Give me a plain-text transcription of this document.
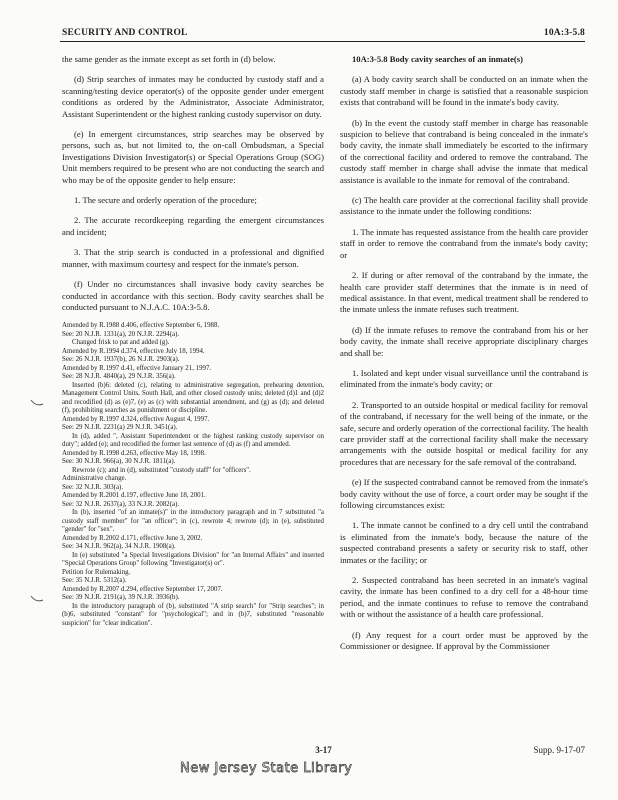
SECURITY AND CONTROL	10A:3-5.8

the same gender as the inmate except as set forth in (d) below.

(d) Strip searches of inmates may be conducted by custody staff and a scanning/testing device operator(s) of the opposite gender under emergent conditions as ordered by the Administrator, Associate Administrator, Assistant Superintendent or the highest ranking custody supervisor on duty.

(e) In emergent circumstances, strip searches may be observed by persons, such as, but not limited to, the on-call Ombudsman, a Special Investigations Division Investigator(s) or Special Operations Group (SOG) Unit members required to be present who are not conducting the search and who may be of the opposite gender to help ensure:

1. The secure and orderly operation of the procedure;

2. The accurate recordkeeping regarding the emergent circumstances and incident;

3. That the strip search is conducted in a professional and dignified manner, with maximum courtesy and respect for the inmate's person.

(f) Under no circumstances shall invasive body cavity searches be conducted in accordance with this section. Body cavity searches shall be conducted pursuant to N.J.A.C. 10A:3-5.8.

Amended by R.1988 d.406, effective September 6, 1988.
See: 20 N.J.R. 1331(a), 20 N.J.R. 2294(a).
Changed frisk to pat and added (g).
Amended by R.1994 d.374, effective July 18, 1994.
See: 26 N.J.R. 1937(b), 26 N.J.R. 2903(a).
Amended by R.1997 d.41, effective January 21, 1997.
See: 28 N.J.R. 4840(a), 29 N.J.R. 356(a).
Inserted (b)6: deleted (c), relating to administrative segregation, prehearing detention, Management Control Units, South Hall, and other closed custody units; deleted (d)1 and (d)2 and recodified (d) as (e)7, (e) as (c) with substantial amendment, and (g) as (d); and deleted (f), prohibiting searches as punishment or discipline.
Amended by R.1997 d.324, effective August 4, 1997.
See: 29 N.J.R. 2231(a) 29 N.J.R. 3451(a).
In (d), added ", Assistant Superintendent or the highest ranking custody supervisor on duty"; added (e); and recodified the former last sentence of (d) as (f) and amended.
Amended by R.1998 d.263, effective May 18, 1998.
See: 30 N.J.R. 966(a), 30 N.J.R. 1811(a).
Rewrote (c); and in (d), substituted "custody staff" for "officers".
Administrative change.
See: 32 N.J.R. 303(a).
Amended by R.2001 d.197, effective June 18, 2001.
See: 32 N.J.R. 2637(a), 33 N.J.R. 2082(a).
In (b), inserted "of an inmate(s)" in the introductory paragraph and in 7 substituted "a custody staff member" for "an officer"; in (c), rewrote 4; rewrote (d); in (e), substituted "gender" for "sex".
Amended by R.2002 d.171, effective June 3, 2002.
See: 34 N.J.R. 962(a), 34 N.J.R. 1908(a).
In (e) substituted "a Special Investigations Division" for "an Internal Affairs" and inserted "Special Operations Group" following "Investigator(s) or".
Petition for Rulemaking.
See: 35 N.J.R. 5312(a).
Amended by R.2007 d.294, effective September 17, 2007.
See: 39 N.J.R. 2191(a), 39 N.J.R. 3936(b).
In the introductory paragraph of (b), substituted "A strip search" for "Strip searches"; in (b)6, substituted "constant" for "psychological"; and in (b)7, substituted "reasonable suspicion" for "clear indication".

10A:3-5.8 Body cavity searches of an inmate(s)

(a) A body cavity search shall be conducted on an inmate when the custody staff member in charge is satisfied that a reasonable suspicion exists that contraband will be found in the inmate's body cavity.

(b) In the event the custody staff member in charge has reasonable suspicion to believe that contraband is being concealed in the inmate's body cavity, the inmate shall immediately be escorted to the infirmary of the correctional facility and ordered to remove the contraband. The custody staff member in charge shall advise the inmate that medical assistance is available to the inmate for removal of the contraband.

(c) The health care provider at the correctional facility shall provide assistance to the inmate under the following conditions:

1. The inmate has requested assistance from the health care provider staff in order to remove the contraband from the inmate's body cavity; or

2. If during or after removal of the contraband by the inmate, the health care provider staff determines that the inmate is in need of medical assistance. In that event, medical treatment shall be rendered to the inmate unless the inmate refuses such treatment.

(d) If the inmate refuses to remove the contraband from his or her body cavity, the inmate shall receive appropriate disciplinary charges and shall be:

1. Isolated and kept under visual surveillance until the contraband is eliminated from the inmate's body cavity; or

2. Transported to an outside hospital or medical facility for removal of the contraband, if necessary for the well being of the inmate, or the safe, secure and orderly operation of the correctional facility. The health care provider staff at the correctional facility shall make the necessary arrangements with the outside hospital or medical facility for any procedures that are necessary for the safe removal of the contraband.

(e) If the suspected contraband cannot be removed from the inmate's body cavity without the use of force, a court order may be sought if the following circumstances exist:

1. The inmate cannot be confined to a dry cell until the contraband is eliminated from the inmate's body, because the nature of the suspected contraband presents a safety or security risk to staff, other inmates or the facility; or

2. Suspected contraband has been secreted in an inmate's vaginal cavity, the inmate has been confined to a dry cell for a 48-hour time period, and the inmate continues to refuse to remove the contraband with or without the assistance of a health care professional.

(f) Any request for a court order must be approved by the Commissioner or designee. If approval by the Commissioner

3-17	Supp. 9-17-07
New Jersey State Library
